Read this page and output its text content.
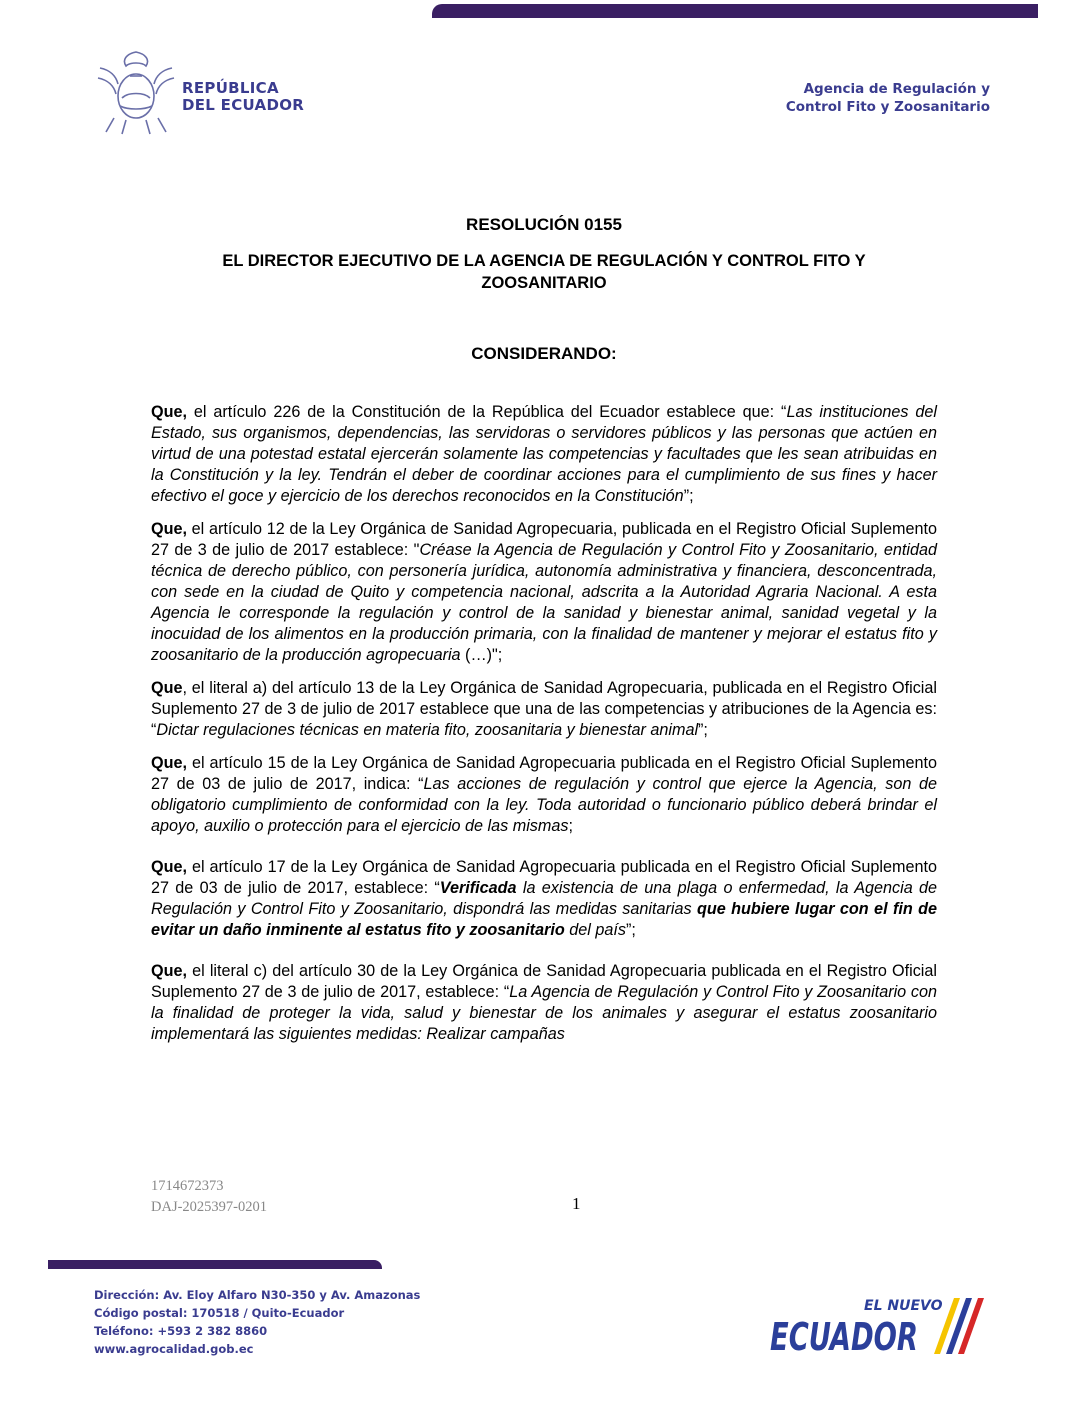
REPÚBLICA
DEL ECUADOR
Agencia de Regulación y
Control Fito y Zoosanitario
RESOLUCIÓN 0155
EL DIRECTOR EJECUTIVO DE LA AGENCIA DE REGULACIÓN Y CONTROL FITO Y ZOOSANITARIO
CONSIDERANDO:

Que, el artículo 226 de la Constitución de la República del Ecuador establece que: “Las instituciones del Estado, sus organismos, dependencias, las servidoras o servidores públicos y las personas que actúen en virtud de una potestad estatal ejercerán solamente las competencias y facultades que les sean atribuidas en la Constitución y la ley. Tendrán el deber de coordinar acciones para el cumplimiento de sus fines y hacer efectivo el goce y ejercicio de los derechos reconocidos en la Constitución”;

Que, el artículo 12 de la Ley Orgánica de Sanidad Agropecuaria, publicada en el Registro Oficial Suplemento 27 de 3 de julio de 2017 establece: "Créase la Agencia de Regulación y Control Fito y Zoosanitario, entidad técnica de derecho público, con personería jurídica, autonomía administrativa y financiera, desconcentrada, con sede en la ciudad de Quito y competencia nacional, adscrita a la Autoridad Agraria Nacional. A esta Agencia le corresponde la regulación y control de la sanidad y bienestar animal, sanidad vegetal y la inocuidad de los alimentos en la producción primaria, con la finalidad de mantener y mejorar el estatus fito y zoosanitario de la producción agropecuaria (…)";

Que, el literal a) del artículo 13 de la Ley Orgánica de Sanidad Agropecuaria, publicada en el Registro Oficial Suplemento 27 de 3 de julio de 2017 establece que una de las competencias y atribuciones de la Agencia es: “Dictar regulaciones técnicas en materia fito, zoosanitaria y bienestar animal”;

Que, el artículo 15 de la Ley Orgánica de Sanidad Agropecuaria publicada en el Registro Oficial Suplemento 27 de 03 de julio de 2017, indica: “Las acciones de regulación y control que ejerce la Agencia, son de obligatorio cumplimiento de conformidad con la ley. Toda autoridad o funcionario público deberá brindar el apoyo, auxilio o protección para el ejercicio de las mismas;

Que, el artículo 17 de la Ley Orgánica de Sanidad Agropecuaria publicada en el Registro Oficial Suplemento 27 de 03 de julio de 2017, establece: “Verificada la existencia de una plaga o enfermedad, la Agencia de Regulación y Control Fito y Zoosanitario, dispondrá las medidas sanitarias que hubiere lugar con el fin de evitar un daño inminente al estatus fito y zoosanitario del país”;

Que, el literal c) del artículo 30 de la Ley Orgánica de Sanidad Agropecuaria publicada en el Registro Oficial Suplemento 27 de 3 de julio de 2017, establece: “La Agencia de Regulación y Control Fito y Zoosanitario con la finalidad de proteger la vida, salud y bienestar de los animales y asegurar el estatus zoosanitario implementará las siguientes medidas: Realizar campañas

1714672373
DAJ-2025397-0201	1
Dirección: Av. Eloy Alfaro N30-350 y Av. Amazonas
Código postal: 170518 / Quito-Ecuador
Teléfono: +593 2 382 8860
www.agrocalidad.gob.ec
EL NUEVO
ECUADOR
